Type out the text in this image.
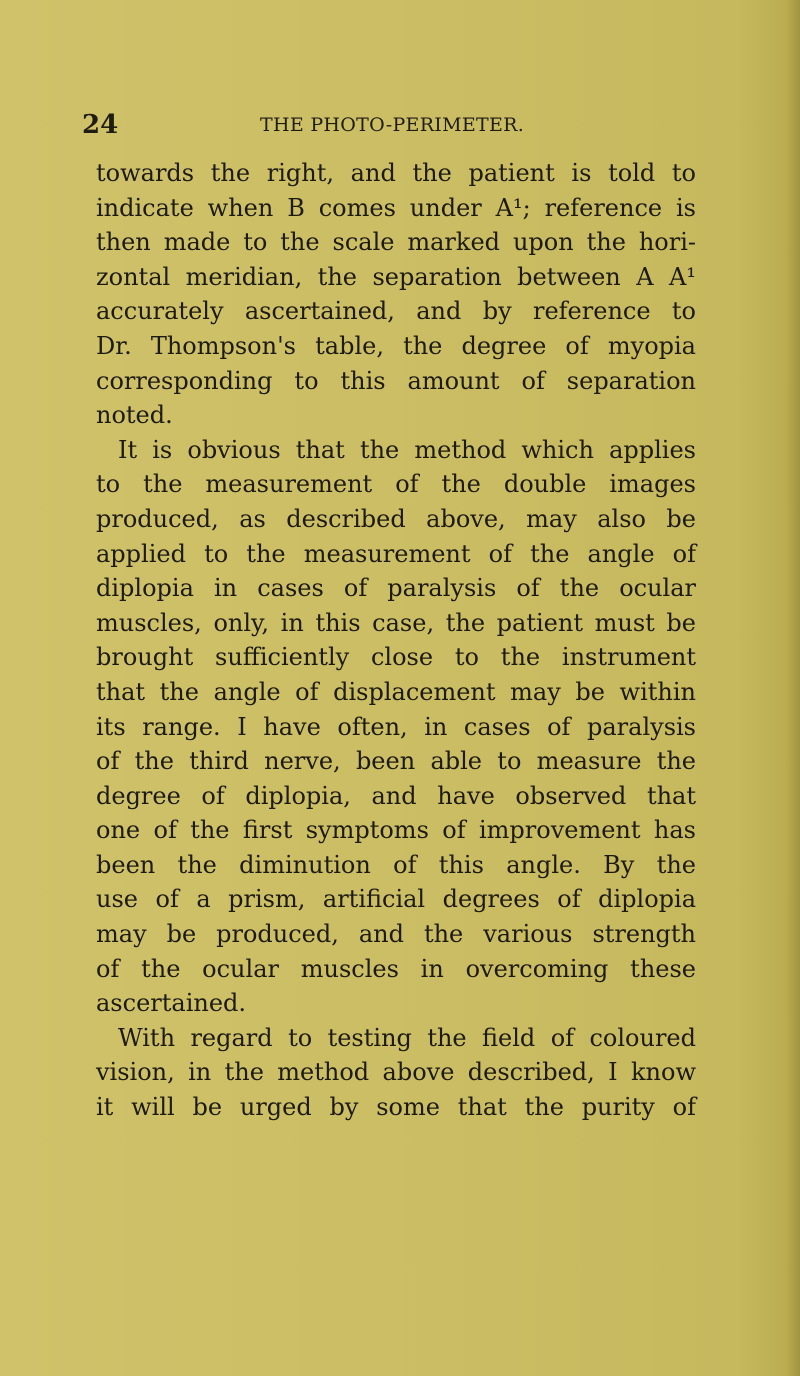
24	THE PHOTO-PERIMETER.
towards the right, and the patient is told to
indicate when B comes under A¹; reference is
then made to the scale marked upon the hori-
zontal meridian, the separation between A A¹
accurately ascertained, and by reference to
Dr. Thompson's table, the degree of myopia
corresponding to this amount of separation
noted.
It is obvious that the method which applies
to the measurement of the double images
produced, as described above, may also be
applied to the measurement of the angle of
diplopia in cases of paralysis of the ocular
muscles, only, in this case, the patient must be
brought sufficiently close to the instrument
that the angle of displacement may be within
its range. I have often, in cases of paralysis
of the third nerve, been able to measure the
degree of diplopia, and have observed that
one of the first symptoms of improvement has
been the diminution of this angle. By the
use of a prism, artificial degrees of diplopia
may be produced, and the various strength
of the ocular muscles in overcoming these
ascertained.
With regard to testing the field of coloured
vision, in the method above described, I know
it will be urged by some that the purity of
